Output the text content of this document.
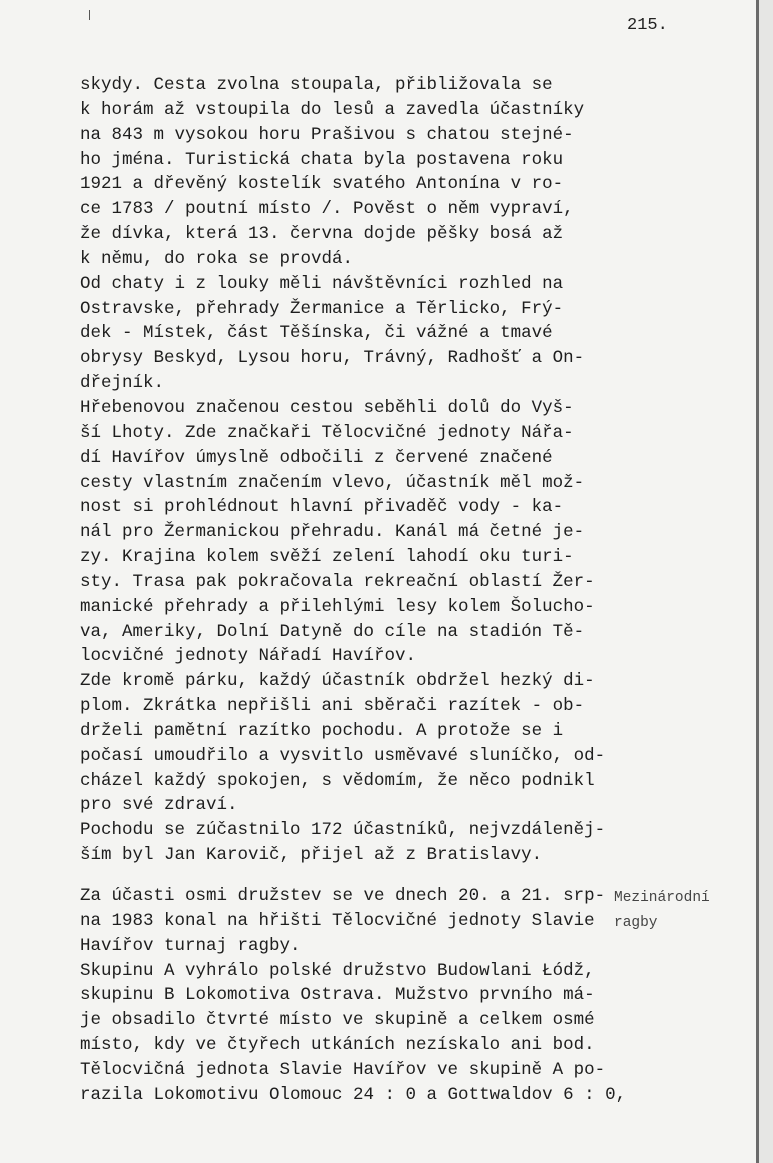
215.
skydy. Cesta zvolna stoupala, přibližovala se
k horám až vstoupila do lesů a zavedla účastníky
na 843 m vysokou horu Prašivou s chatou stejné-
ho jména. Turistická chata byla postavena roku
1921 a dřevěný kostelík svatého Antonína v ro-
ce 1783 / poutní místo /. Pověst o něm vypraví,
že dívka, která 13. června dojde pěšky bosá až
k němu, do roka se provdá.
Od chaty i z louky měli návštěvníci rozhled na
Ostravske, přehrady Žermanice a Těrlicko, Frý-
dek - Místek, část Těšínska, či vážné a tmavé
obrysy Beskyd, Lysou horu, Trávný, Radhošť a On-
dřejník.
Hřebenovou značenou cestou seběhli dolů do Vyš-
ší Lhoty. Zde značkaři Tělocvičné jednoty Nářa-
dí Havířov úmyslně odbočili z červené značené
cesty vlastním značením vlevo, účastník měl mož-
nost si prohlédnout hlavní přivaděč vody - ka-
nál pro Žermanickou přehradu. Kanál má četné je-
zy. Krajina kolem svěží zelení lahodí oku turi-
sty. Trasa pak pokračovala rekreační oblastí Žer-
manické přehrady a přilehlými lesy kolem Šolucho-
va, Ameriky, Dolní Datyně do cíle na stadión Tě-
locvičné jednoty Nářadí Havířov.
Zde kromě párku, každý účastník obdržel hezký di-
plom. Zkrátka nepřišli ani sběrači razítek - ob-
drželi pamětní razítko pochodu. A protože se i
počasí umoudřilo a vysvitlo usměvavé sluníčko, od-
cházel každý spokojen, s vědomím, že něco podnikl
pro své zdraví.
Pochodu se zúčastnilo 172 účastníků, nejvzdáleněj-
ším byl Jan Karovič, přijel až z Bratislavy.
Za účasti osmi družstev se ve dnech 20. a 21. srp-
na 1983 konal na hřišti Tělocvičné jednoty Slavie
Havířov turnaj ragby.
Skupinu A vyhrálo polské družstvo Budowlani Łódž,
skupinu B Lokomotiva Ostrava. Mužstvo prvního má-
je obsadilo čtvrté místo ve skupině a celkem osmé
místo, kdy ve čtyřech utkáních nezískalo ani bod.
Tělocvičná jednota Slavie Havířov ve skupině A po-
razila Lokomotivu Olomouc 24 : 0 a Gottwaldov 6 : 0,
Mezinárodní
ragby
